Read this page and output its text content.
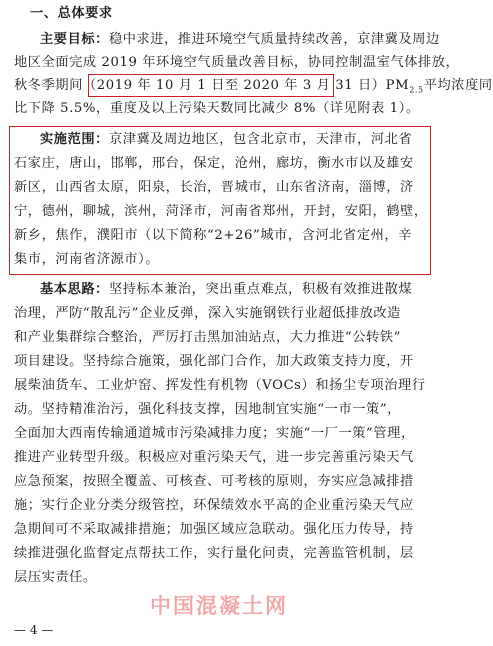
一、总体要求
主要目标：稳中求进，推进环境空气质量持续改善，京津冀及周边
地区全面完成 2019 年环境空气质量改善目标，协同控制温室气体排放，
秋冬季期间（2019 年 10 月 1 日至 2020 年 3 月 31 日）$PM_{2.5}$平均浓度同
比下降 5.5%，重度及以上污染天数同比减少 8%（详见附表 1）。
实施范围：京津冀及周边地区，包含北京市，天津市，河北省
石家庄，唐山，邯郸，邢台，保定，沧州，廊坊，衡水市以及雄安
新区，山西省太原，阳泉，长治，晋城市，山东省济南，淄博，济
宁，德州，聊城，滨州，菏泽市，河南省郑州，开封，安阳，鹤壁，
新乡，焦作，濮阳市（以下简称“2+26”城市，含河北省定州，辛
集市，河南省济源市）。
基本思路：坚持标本兼治，突出重点难点，积极有效推进散煤
治理，严防“散乱污”企业反弹，深入实施钢铁行业超低排放改造
和产业集群综合整治，严厉打击黑加油站点，大力推进“公转铁”
项目建设。坚持综合施策，强化部门合作，加大政策支持力度，开
展柴油货车、工业炉窑、挥发性有机物（VOCs）和扬尘专项治理行
动。坚持精准治污，强化科技支撑，因地制宜实施“一市一策”，
全面加大西南传输通道城市污染减排力度；实施“一厂一策”管理，
推进产业转型升级。积极应对重污染天气，进一步完善重污染天气
应急预案，按照全覆盖、可核查、可考核的原则，夯实应急减排措
施；实行企业分类分级管控，环保绩效水平高的企业重污染天气应
急期间可不采取减排措施；加强区域应急联动。强化压力传导，持
续推进强化监督定点帮扶工作，实行量化问责，完善监管机制，层
层压实责任。
中国混凝土网
— 4 —
